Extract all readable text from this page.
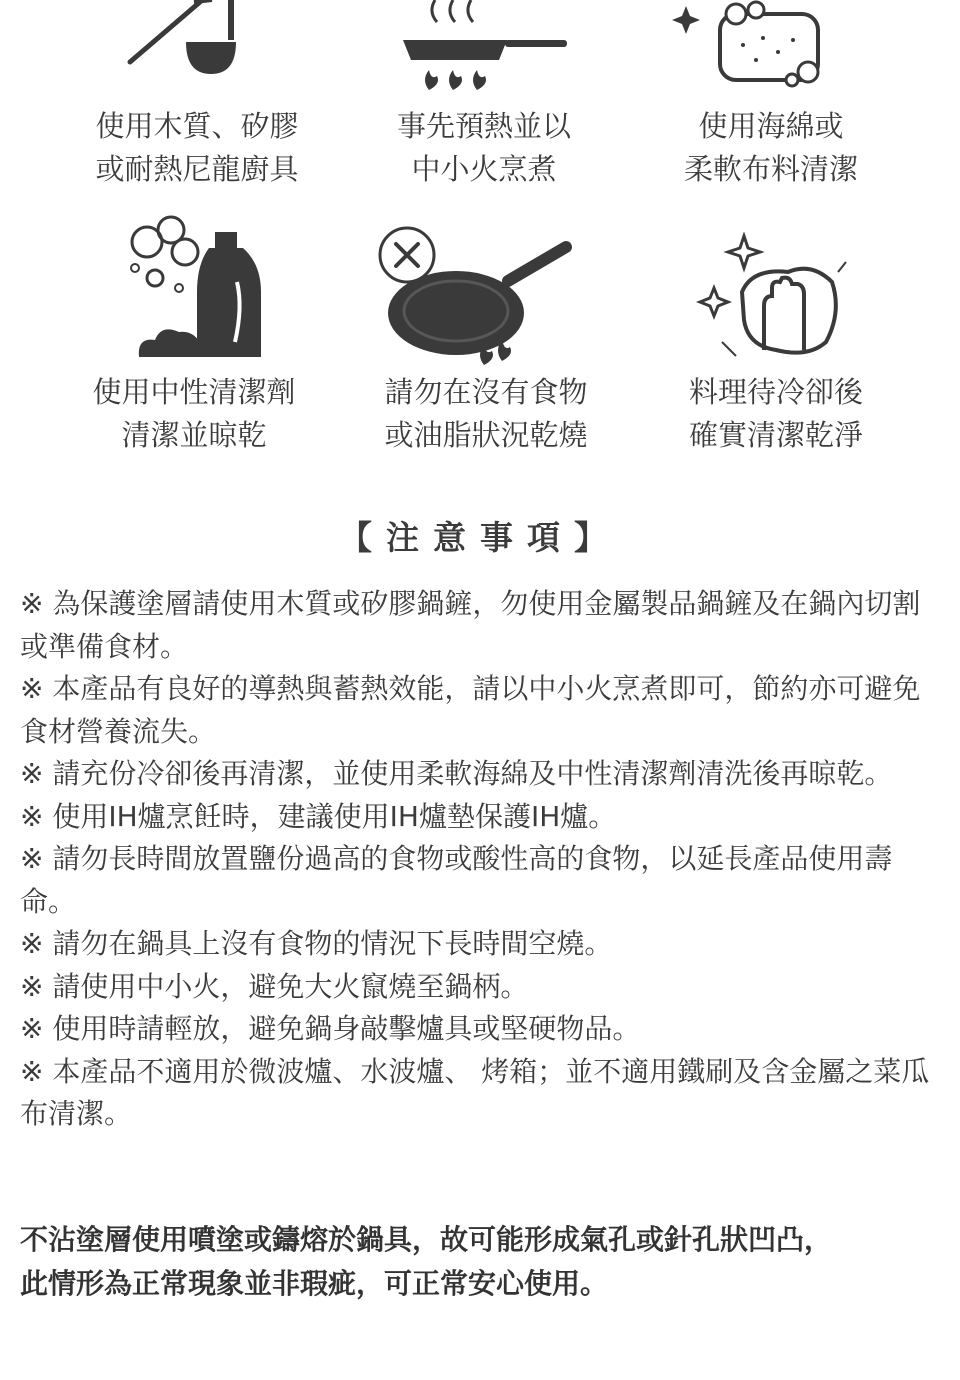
使用木質、矽膠
或耐熱尼龍廚具
事先預熱並以
中小火烹煮
使用海綿或
柔軟布料清潔
使用中性清潔劑
清潔並晾乾
請勿在沒有食物
或油脂狀況乾燒
料理待冷卻後
確實清潔乾淨
【注意事項】

※ 為保護塗層請使用木質或矽膠鍋鏟，勿使用金屬製品鍋鏟及在鍋內切割或準備食材。

※ 本產品有良好的導熱與蓄熱效能，請以中小火烹煮即可，節約亦可避免食材營養流失。

※ 請充份冷卻後再清潔，並使用柔軟海綿及中性清潔劑清洗後再晾乾。

※ 使用IH爐烹飪時，建議使用IH爐墊保護IH爐。

※ 請勿長時間放置鹽份過高的食物或酸性高的食物，以延長產品使用壽命。

※ 請勿在鍋具上沒有食物的情況下長時間空燒。

※ 請使用中小火，避免大火竄燒至鍋柄。

※ 使用時請輕放，避免鍋身敲擊爐具或堅硬物品。

※ 本產品不適用於微波爐、水波爐、 烤箱；並不適用鐵刷及含金屬之菜瓜布清潔。

不沾塗層使用噴塗或鑄熔於鍋具，故可能形成氣孔或針孔狀凹凸，
此情形為正常現象並非瑕疵，可正常安心使用。
